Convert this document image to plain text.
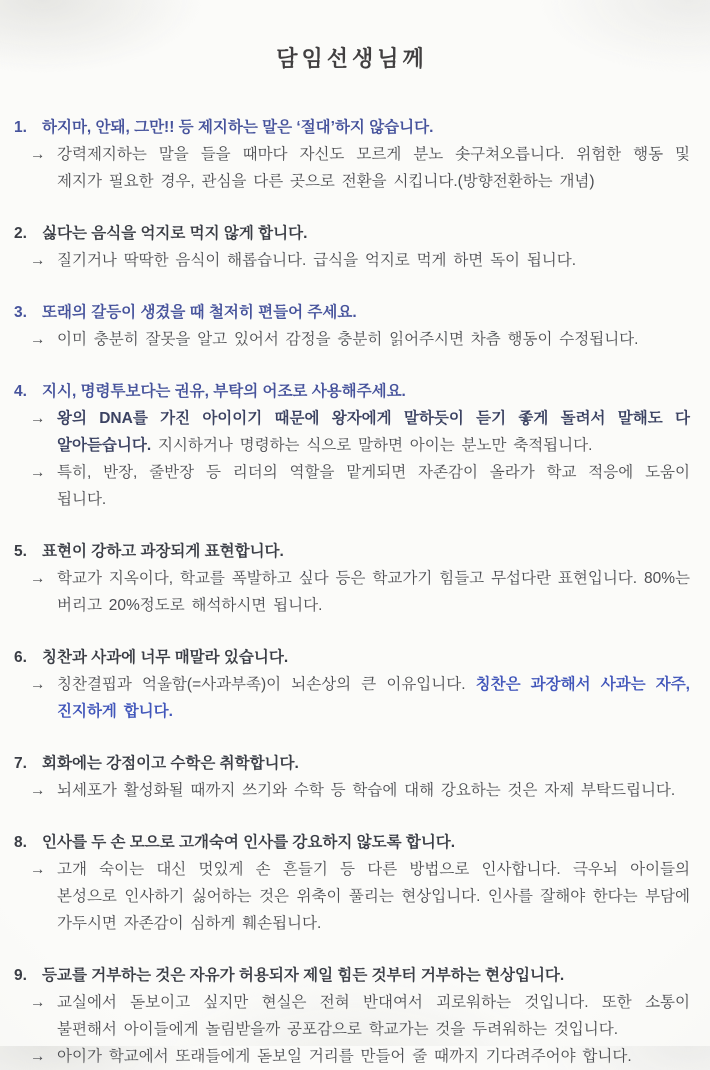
담임선생님께
1. 하지마, 안돼, 그만!! 등 제지하는 말은 ‘절대’하지 않습니다.
→ 강력제지하는 말을 들을 때마다 자신도 모르게 분노 솟구쳐오릅니다. 위험한 행동 및 제지가 필요한 경우, 관심을 다른 곳으로 전환을 시킵니다.(방향전환하는 개념)

2. 싫다는 음식을 억지로 먹지 않게 합니다.
→ 질기거나 딱딱한 음식이 해롭습니다. 급식을 억지로 먹게 하면 독이 됩니다.

3. 또래의 갈등이 생겼을 때 철저히 편들어 주세요.
→ 이미 충분히 잘못을 알고 있어서 감정을 충분히 읽어주시면 차츰 행동이 수정됩니다.

4. 지시, 명령투보다는 권유, 부탁의 어조로 사용해주세요.
→ 왕의 DNA를 가진 아이이기 때문에 왕자에게 말하듯이 듣기 좋게 돌려서 말해도 다 알아듣습니다. 지시하거나 명령하는 식으로 말하면 아이는 분노만 축적됩니다.

→ 특히, 반장, 줄반장 등 리더의 역할을 맡게되면 자존감이 올라가 학교 적응에 도움이 됩니다.

5. 표현이 강하고 과장되게 표현합니다.
→ 학교가 지옥이다, 학교를 폭발하고 싶다 등은 학교가기 힘들고 무섭다란 표현입니다. 80%는 버리고 20%정도로 해석하시면 됩니다.

6. 칭찬과 사과에 너무 매말라 있습니다.
→ 칭찬결핍과 억울함(=사과부족)이 뇌손상의 큰 이유입니다. 칭찬은 과장해서 사과는 자주, 진지하게 합니다.

7. 회화에는 강점이고 수학은 취학합니다.
→ 뇌세포가 활성화될 때까지 쓰기와 수학 등 학습에 대해 강요하는 것은 자제 부탁드립니다.

8. 인사를 두 손 모으로 고개숙여 인사를 강요하지 않도록 합니다.
→ 고개 숙이는 대신 멋있게 손 흔들기 등 다른 방법으로 인사합니다. 극우뇌 아이들의 본성으로 인사하기 싫어하는 것은 위축이 풀리는 현상입니다. 인사를 잘해야 한다는 부담에 가두시면 자존감이 심하게 훼손됩니다.

9. 등교를 거부하는 것은 자유가 허용되자 제일 힘든 것부터 거부하는 현상입니다.
→ 교실에서 돋보이고 싶지만 현실은 전혀 반대여서 괴로워하는 것입니다. 또한 소통이 불편해서 아이들에게 놀림받을까 공포감으로 학교가는 것을 두려워하는 것입니다.

→ 아이가 학교에서 또래들에게 돋보일 거리를 만들어 줄 때까지 기다려주어야 합니다.
